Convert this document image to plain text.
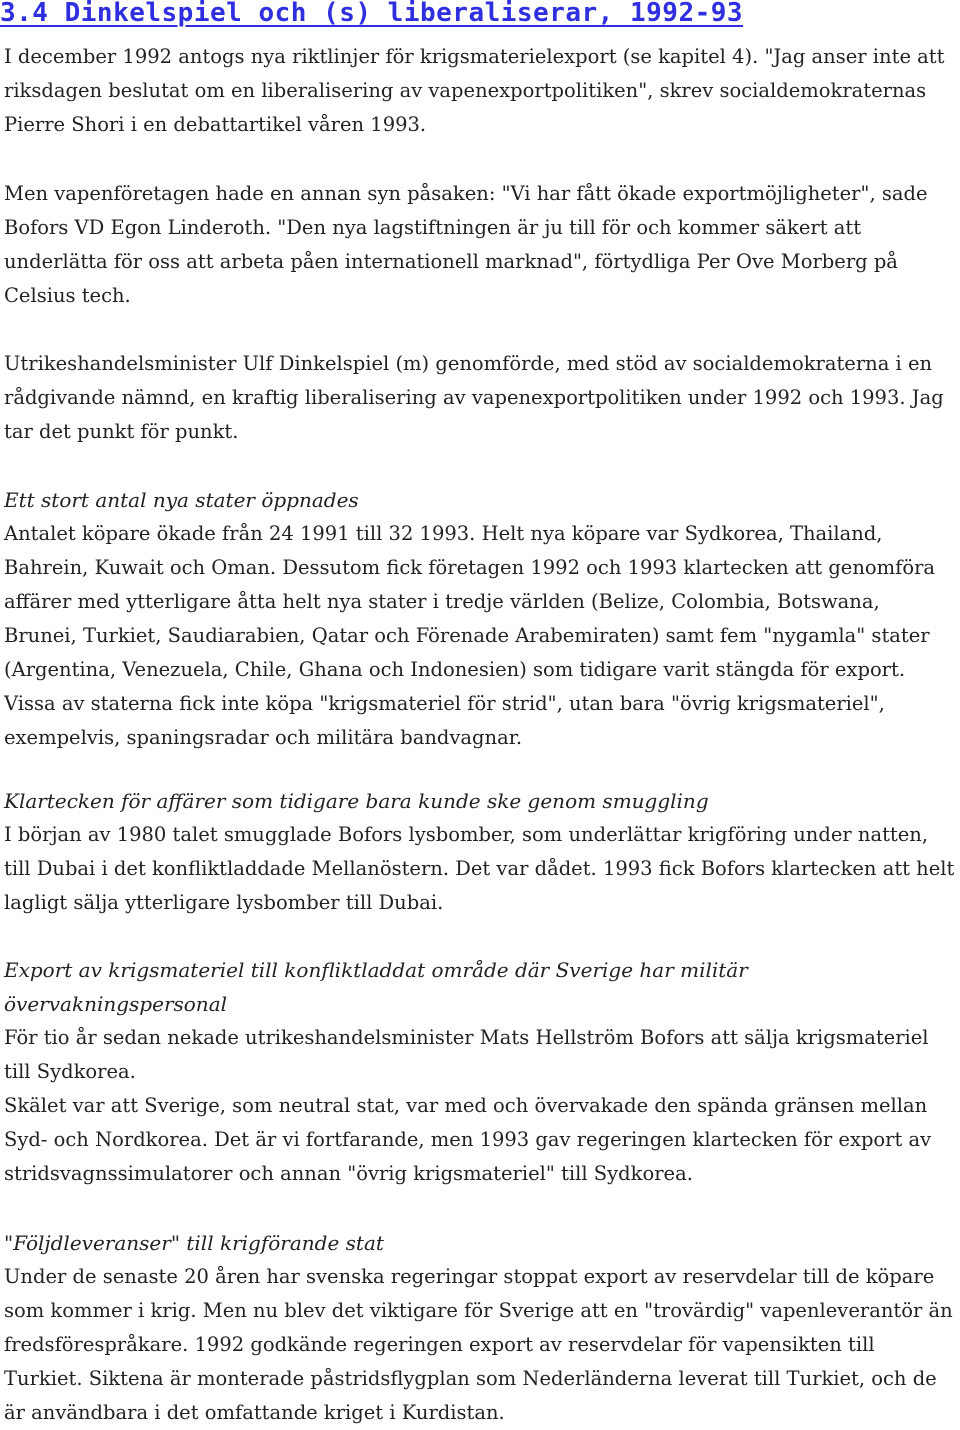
3.4 Dinkelspiel och (s) liberaliserar, 1992-93

I december 1992 antogs nya riktlinjer för krigsmaterielexport (se kapitel 4). "Jag anser inte att riksdagen beslutat om en liberalisering av vapenexportpolitiken", skrev socialdemokraternas Pierre Shori i en debattartikel våren 1993.

Men vapenföretagen hade en annan syn påsaken: "Vi har fått ökade exportmöjligheter", sade Bofors VD Egon Linderoth. "Den nya lagstiftningen är ju till för och kommer säkert att underlätta för oss att arbeta påen internationell marknad", förtydliga Per Ove Morberg på Celsius tech.

Utrikeshandelsminister Ulf Dinkelspiel (m) genomförde, med stöd av socialdemokraterna i en rådgivande nämnd, en kraftig liberalisering av vapenexportpolitiken under 1992 och 1993. Jag tar det punkt för punkt.

Ett stort antal nya stater öppnades

Antalet köpare ökade från 24 1991 till 32 1993. Helt nya köpare var Sydkorea, Thailand, Bahrein, Kuwait och Oman. Dessutom fick företagen 1992 och 1993 klartecken att genomföra affärer med ytterligare åtta helt nya stater i tredje världen (Belize, Colombia, Botswana, Brunei, Turkiet, Saudiarabien, Qatar och Förenade Arabemiraten) samt fem "nygamla" stater (Argentina, Venezuela, Chile, Ghana och Indonesien) som tidigare varit stängda för export. Vissa av staterna fick inte köpa "krigsmateriel för strid", utan bara "övrig krigsmateriel", exempelvis, spaningsradar och militära bandvagnar.

Klartecken för affärer som tidigare bara kunde ske genom smuggling

I början av 1980 talet smugglade Bofors lysbomber, som underlättar krigföring under natten, till Dubai i det konfliktladdade Mellanöstern. Det var dådet. 1993 fick Bofors klartecken att helt lagligt sälja ytterligare lysbomber till Dubai.

Export av krigsmateriel till konfliktladdat område där Sverige har militär övervakningspersonal

För tio år sedan nekade utrikeshandelsminister Mats Hellström Bofors att sälja krigsmateriel till Sydkorea.

Skälet var att Sverige, som neutral stat, var med och övervakade den spända gränsen mellan Syd- och Nordkorea. Det är vi fortfarande, men 1993 gav regeringen klartecken för export av stridsvagnssimulatorer och annan "övrig krigsmateriel" till Sydkorea.

"Följdleveranser" till krigförande stat

Under de senaste 20 åren har svenska regeringar stoppat export av reservdelar till de köpare som kommer i krig. Men nu blev det viktigare för Sverige att en "trovärdig" vapenleverantör än fredsförespråkare. 1992 godkände regeringen export av reservdelar för vapensikten till Turkiet. Siktena är monterade påstridsflygplan som Nederländerna leverat till Turkiet, och de är användbara i det omfattande kriget i Kurdistan.
